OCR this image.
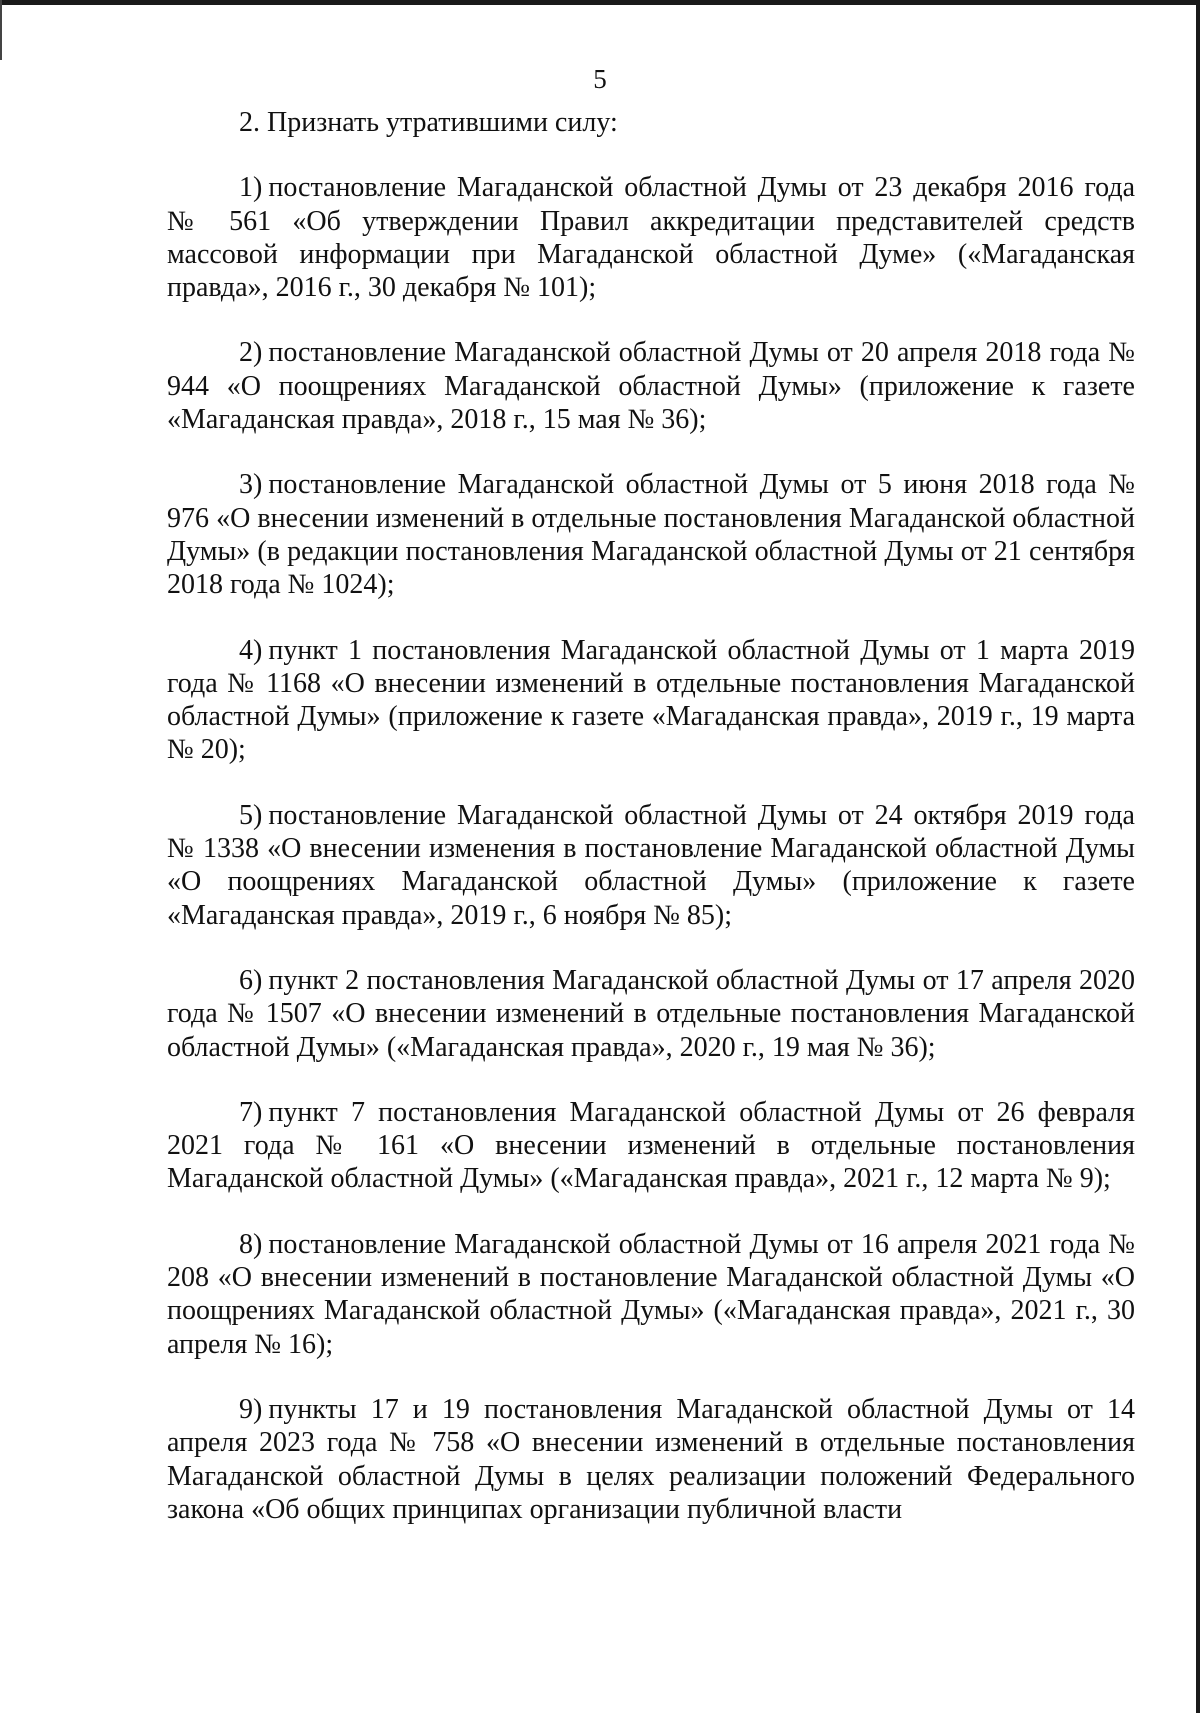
5

2. Признать утратившими силу:

1) постановление Магаданской областной Думы от 23 декабря 2016 года № 561 «Об утверждении Правил аккредитации представителей средств массовой информации при Магаданской областной Думе» («Магаданская правда», 2016 г., 30 декабря № 101);

2) постановление Магаданской областной Думы от 20 апреля 2018 года № 944 «О поощрениях Магаданской областной Думы» (приложение к газете «Магаданская правда», 2018 г., 15 мая № 36);

3) постановление Магаданской областной Думы от 5 июня 2018 года № 976 «О внесении изменений в отдельные постановления Магаданской областной Думы» (в редакции постановления Магаданской областной Думы от 21 сентября 2018 года № 1024);

4) пункт 1 постановления Магаданской областной Думы от 1 марта 2019 года № 1168 «О внесении изменений в отдельные постановления Магаданской областной Думы» (приложение к газете «Магаданская правда», 2019 г., 19 марта № 20);

5) постановление Магаданской областной Думы от 24 октября 2019 года № 1338 «О внесении изменения в постановление Магаданской областной Думы «О поощрениях Магаданской областной Думы» (приложение к газете «Магаданская правда», 2019 г., 6 ноября № 85);

6) пункт 2 постановления Магаданской областной Думы от 17 апреля 2020 года № 1507 «О внесении изменений в отдельные постановления Магаданской областной Думы» («Магаданская правда», 2020 г., 19 мая № 36);

7) пункт 7 постановления Магаданской областной Думы от 26 февраля 2021 года № 161 «О внесении изменений в отдельные постановления Магаданской областной Думы» («Магаданская правда», 2021 г., 12 марта № 9);

8) постановление Магаданской областной Думы от 16 апреля 2021 года № 208 «О внесении изменений в постановление Магаданской областной Думы «О поощрениях Магаданской областной Думы» («Магаданская правда», 2021 г., 30 апреля № 16);

9) пункты 17 и 19 постановления Магаданской областной Думы от 14 апреля 2023 года № 758 «О внесении изменений в отдельные постановления Магаданской областной Думы в целях реализации положений Федерального закона «Об общих принципах организации публичной власти
